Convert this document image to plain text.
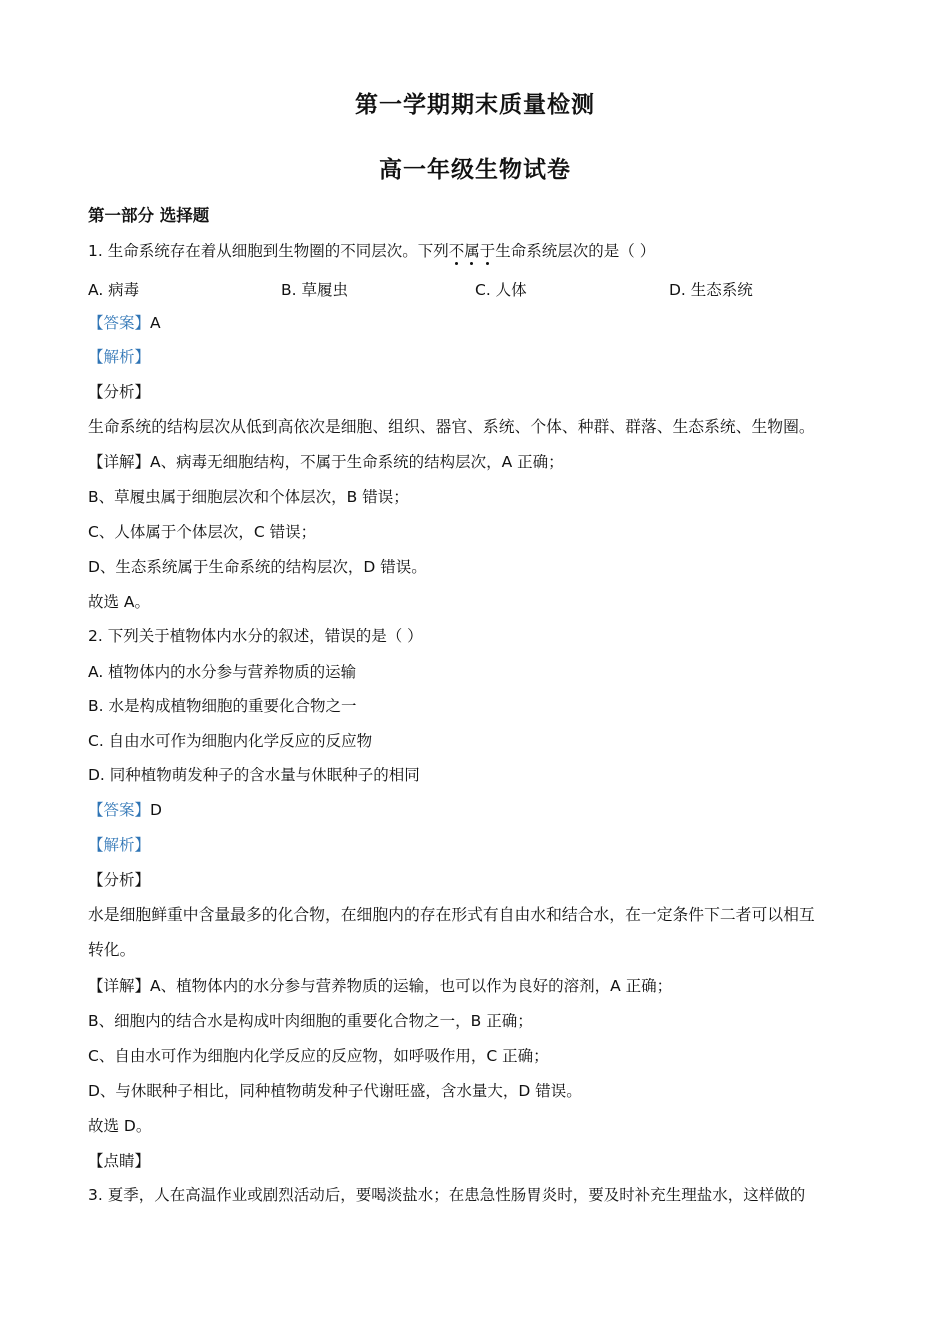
第一学期期末质量检测
高一年级生物试卷
第一部分 选择题
1. 生命系统存在着从细胞到生物圈的不同层次。下列不
属
于
生命系统层次的是（ ）
A. 病毒	B. 草履虫	C. 人体	D. 生态系统
【答案】A
【解析】
【分析】
生命系统的结构层次从低到高依次是细胞、组织、器官、系统、个体、种群、群落、生态系统、生物圈。
【详解】A、病毒无细胞结构，不属于生命系统的结构层次，A 正确；
B、草履虫属于细胞层次和个体层次，B 错误；
C、人体属于个体层次，C 错误；
D、生态系统属于生命系统的结构层次，D 错误。
故选 A。
2. 下列关于植物体内水分的叙述，错误的是（ ）
A. 植物体内的水分参与营养物质的运输
B. 水是构成植物细胞的重要化合物之一
C. 自由水可作为细胞内化学反应的反应物
D. 同种植物萌发种子的含水量与休眠种子的相同
【答案】D
【解析】
【分析】
水是细胞鲜重中含量最多的化合物，在细胞内的存在形式有自由水和结合水，在一定条件下二者可以相互
转化。
【详解】A、植物体内的水分参与营养物质的运输，也可以作为良好的溶剂，A 正确；
B、细胞内的结合水是构成叶肉细胞的重要化合物之一，B 正确；
C、自由水可作为细胞内化学反应的反应物，如呼吸作用，C 正确；
D、与休眠种子相比，同种植物萌发种子代谢旺盛，含水量大，D 错误。
故选 D。
【点睛】
3. 夏季，人在高温作业或剧烈活动后，要喝淡盐水；在患急性肠胃炎时，要及时补充生理盐水，这样做的
